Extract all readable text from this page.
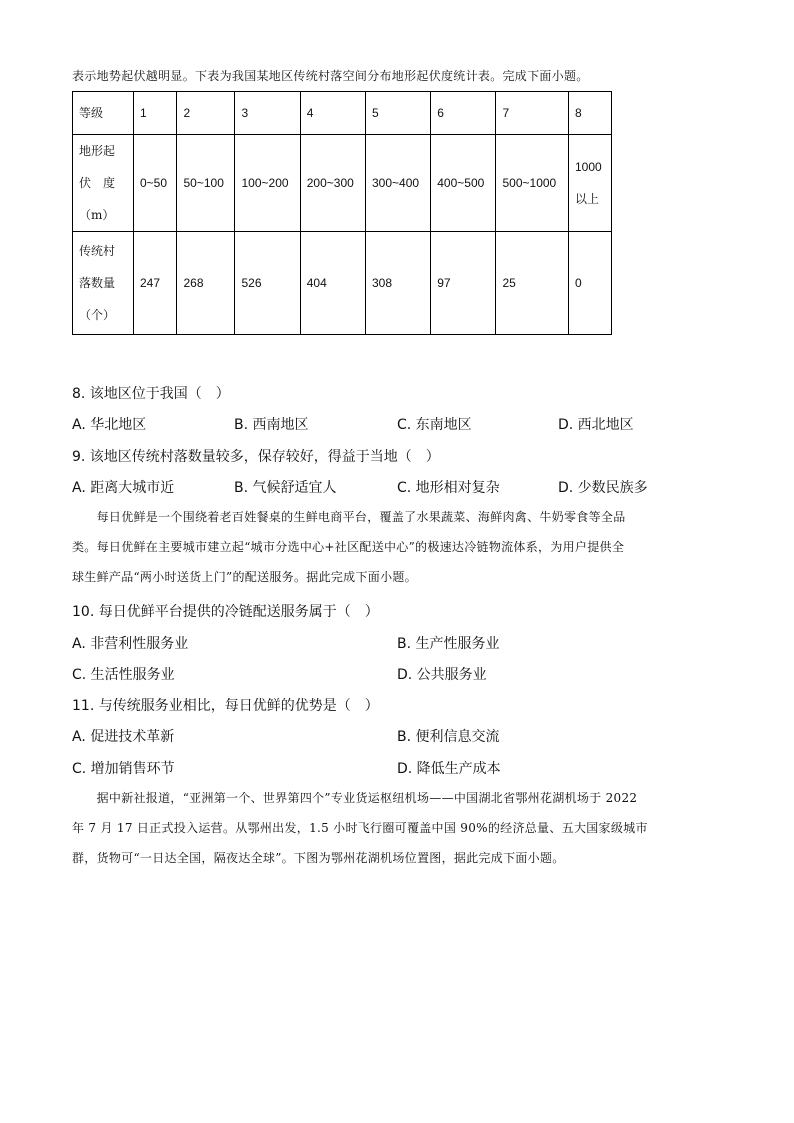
表示地势起伏越明显。下表为我国某地区传统村落空间分布地形起伏度统计表。完成下面小题。
等级	1	2	3	4	5	6	7	8

地形起
伏　度
（m）	0~50	50~100	100~200	200~300	300~400	400~500	500~1000	1000以上

传统村
落数量
（个）	247	268	526	404	308	97	25	0
8. 该地区位于我国（　）
A. 华北地区	B. 西南地区	C. 东南地区	D. 西北地区
9. 该地区传统村落数量较多，保存较好，得益于当地（　）
A. 距离大城市近	B. 气候舒适宜人	C. 地形相对复杂	D. 少数民族多

　　每日优鲜是一个围绕着老百姓餐桌的生鲜电商平台，覆盖了水果蔬菜、海鲜肉禽、牛奶零食等全品

类。每日优鲜在主要城市建立起“城市分选中心+社区配送中心”的极速达冷链物流体系，为用户提供全

球生鲜产品“两小时送货上门”的配送服务。据此完成下面小题。

10. 每日优鲜平台提供的冷链配送服务属于（　）
A. 非营利性服务业	B. 生产性服务业
C. 生活性服务业	D. 公共服务业
11. 与传统服务业相比，每日优鲜的优势是（　）
A. 促进技术革新	B. 便利信息交流
C. 增加销售环节	D. 降低生产成本

　　据中新社报道，“亚洲第一个、世界第四个”专业货运枢纽机场——中国湖北省鄂州花湖机场于 2022

年 7 月 17 日正式投入运营。从鄂州出发，1.5 小时飞行圈可覆盖中国 90%的经济总量、五大国家级城市

群，货物可“一日达全国，隔夜达全球”。下图为鄂州花湖机场位置图，据此完成下面小题。
